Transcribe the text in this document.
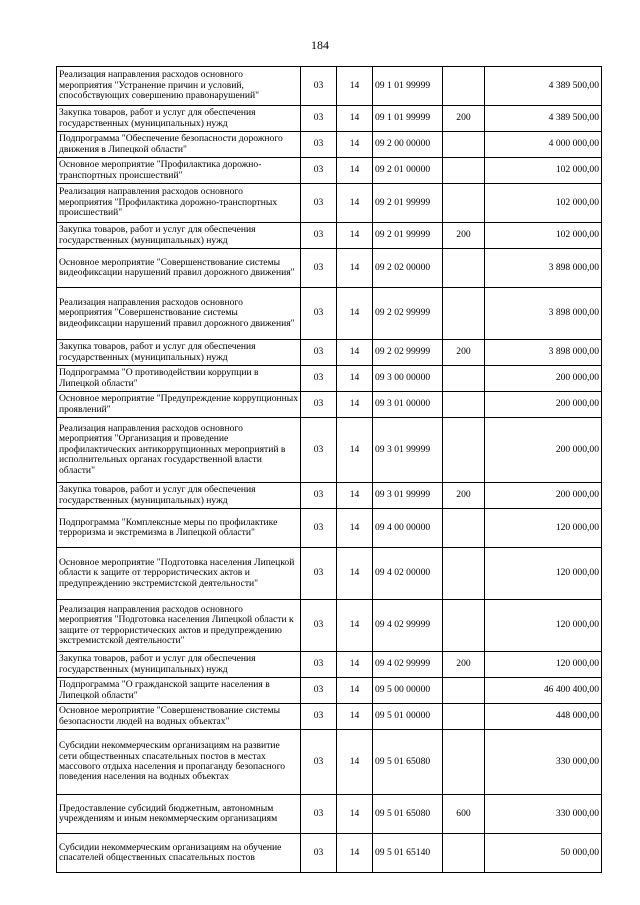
184
Реализация направления расходов основного мероприятия "Устранение причин и условий, способствующих совершению правонарушений"	03	14	09 1 01 99999		4 389 500,00
Закупка товаров, работ и услуг для обеспечения государственных (муниципальных) нужд	03	14	09 1 01 99999	200	4 389 500,00
Подпрограмма "Обеспечение безопасности дорожного движения в Липецкой области"	03	14	09 2 00 00000		4 000 000,00
Основное мероприятие "Профилактика дорожно-транспортных происшествий"	03	14	09 2 01 00000		102 000,00
Реализация направления расходов основного мероприятия "Профилактика дорожно-транспортных происшествий"	03	14	09 2 01 99999		102 000,00
Закупка товаров, работ и услуг для обеспечения государственных (муниципальных) нужд	03	14	09 2 01 99999	200	102 000,00
Основное мероприятие "Совершенствование системы видеофиксации нарушений правил дорожного движения"	03	14	09 2 02 00000		3 898 000,00
Реализация направления расходов основного мероприятия "Совершенствование системы видеофиксации нарушений правил дорожного движения"	03	14	09 2 02 99999		3 898 000,00
Закупка товаров, работ и услуг для обеспечения государственных (муниципальных) нужд	03	14	09 2 02 99999	200	3 898 000,00
Подпрограмма "О противодействии коррупции в Липецкой области"	03	14	09 3 00 00000		200 000,00
Основное мероприятие "Предупреждение коррупционных проявлений"	03	14	09 3 01 00000		200 000,00
Реализация направления расходов основного мероприятия "Организация и проведение профилактических антикоррупционных мероприятий в исполнительных органах государственной власти области"	03	14	09 3 01 99999		200 000,00
Закупка товаров, работ и услуг для обеспечения государственных (муниципальных) нужд	03	14	09 3 01 99999	200	200 000,00
Подпрограмма "Комплексные меры по профилактике терроризма и экстремизма в Липецкой области"	03	14	09 4 00 00000		120 000,00
Основное мероприятие "Подготовка населения Липецкой области к защите от террористических актов и предупреждению экстремистской деятельности"	03	14	09 4 02 00000		120 000,00
Реализация направления расходов основного мероприятия "Подготовка населения Липецкой области к защите от террористических актов и предупреждению экстремистской деятельности"	03	14	09 4 02 99999		120 000,00
Закупка товаров, работ и услуг для обеспечения государственных (муниципальных) нужд	03	14	09 4 02 99999	200	120 000,00
Подпрограмма "О гражданской защите населения в Липецкой области"	03	14	09 5 00 00000		46 400 400,00
Основное мероприятие "Совершенствование системы безопасности людей на водных объектах"	03	14	09 5 01 00000		448 000,00
Субсидии некоммерческим организациям на развитие сети общественных спасательных постов в местах массового отдыха населения и пропаганду безопасного поведения населения на водных объектах	03	14	09 5 01 65080		330 000,00
Предоставление субсидий бюджетным, автономным учреждениям и иным некоммерческим организациям	03	14	09 5 01 65080	600	330 000,00
Субсидии некоммерческим организациям на обучение спасателей общественных спасательных постов	03	14	09 5 01 65140		50 000,00
